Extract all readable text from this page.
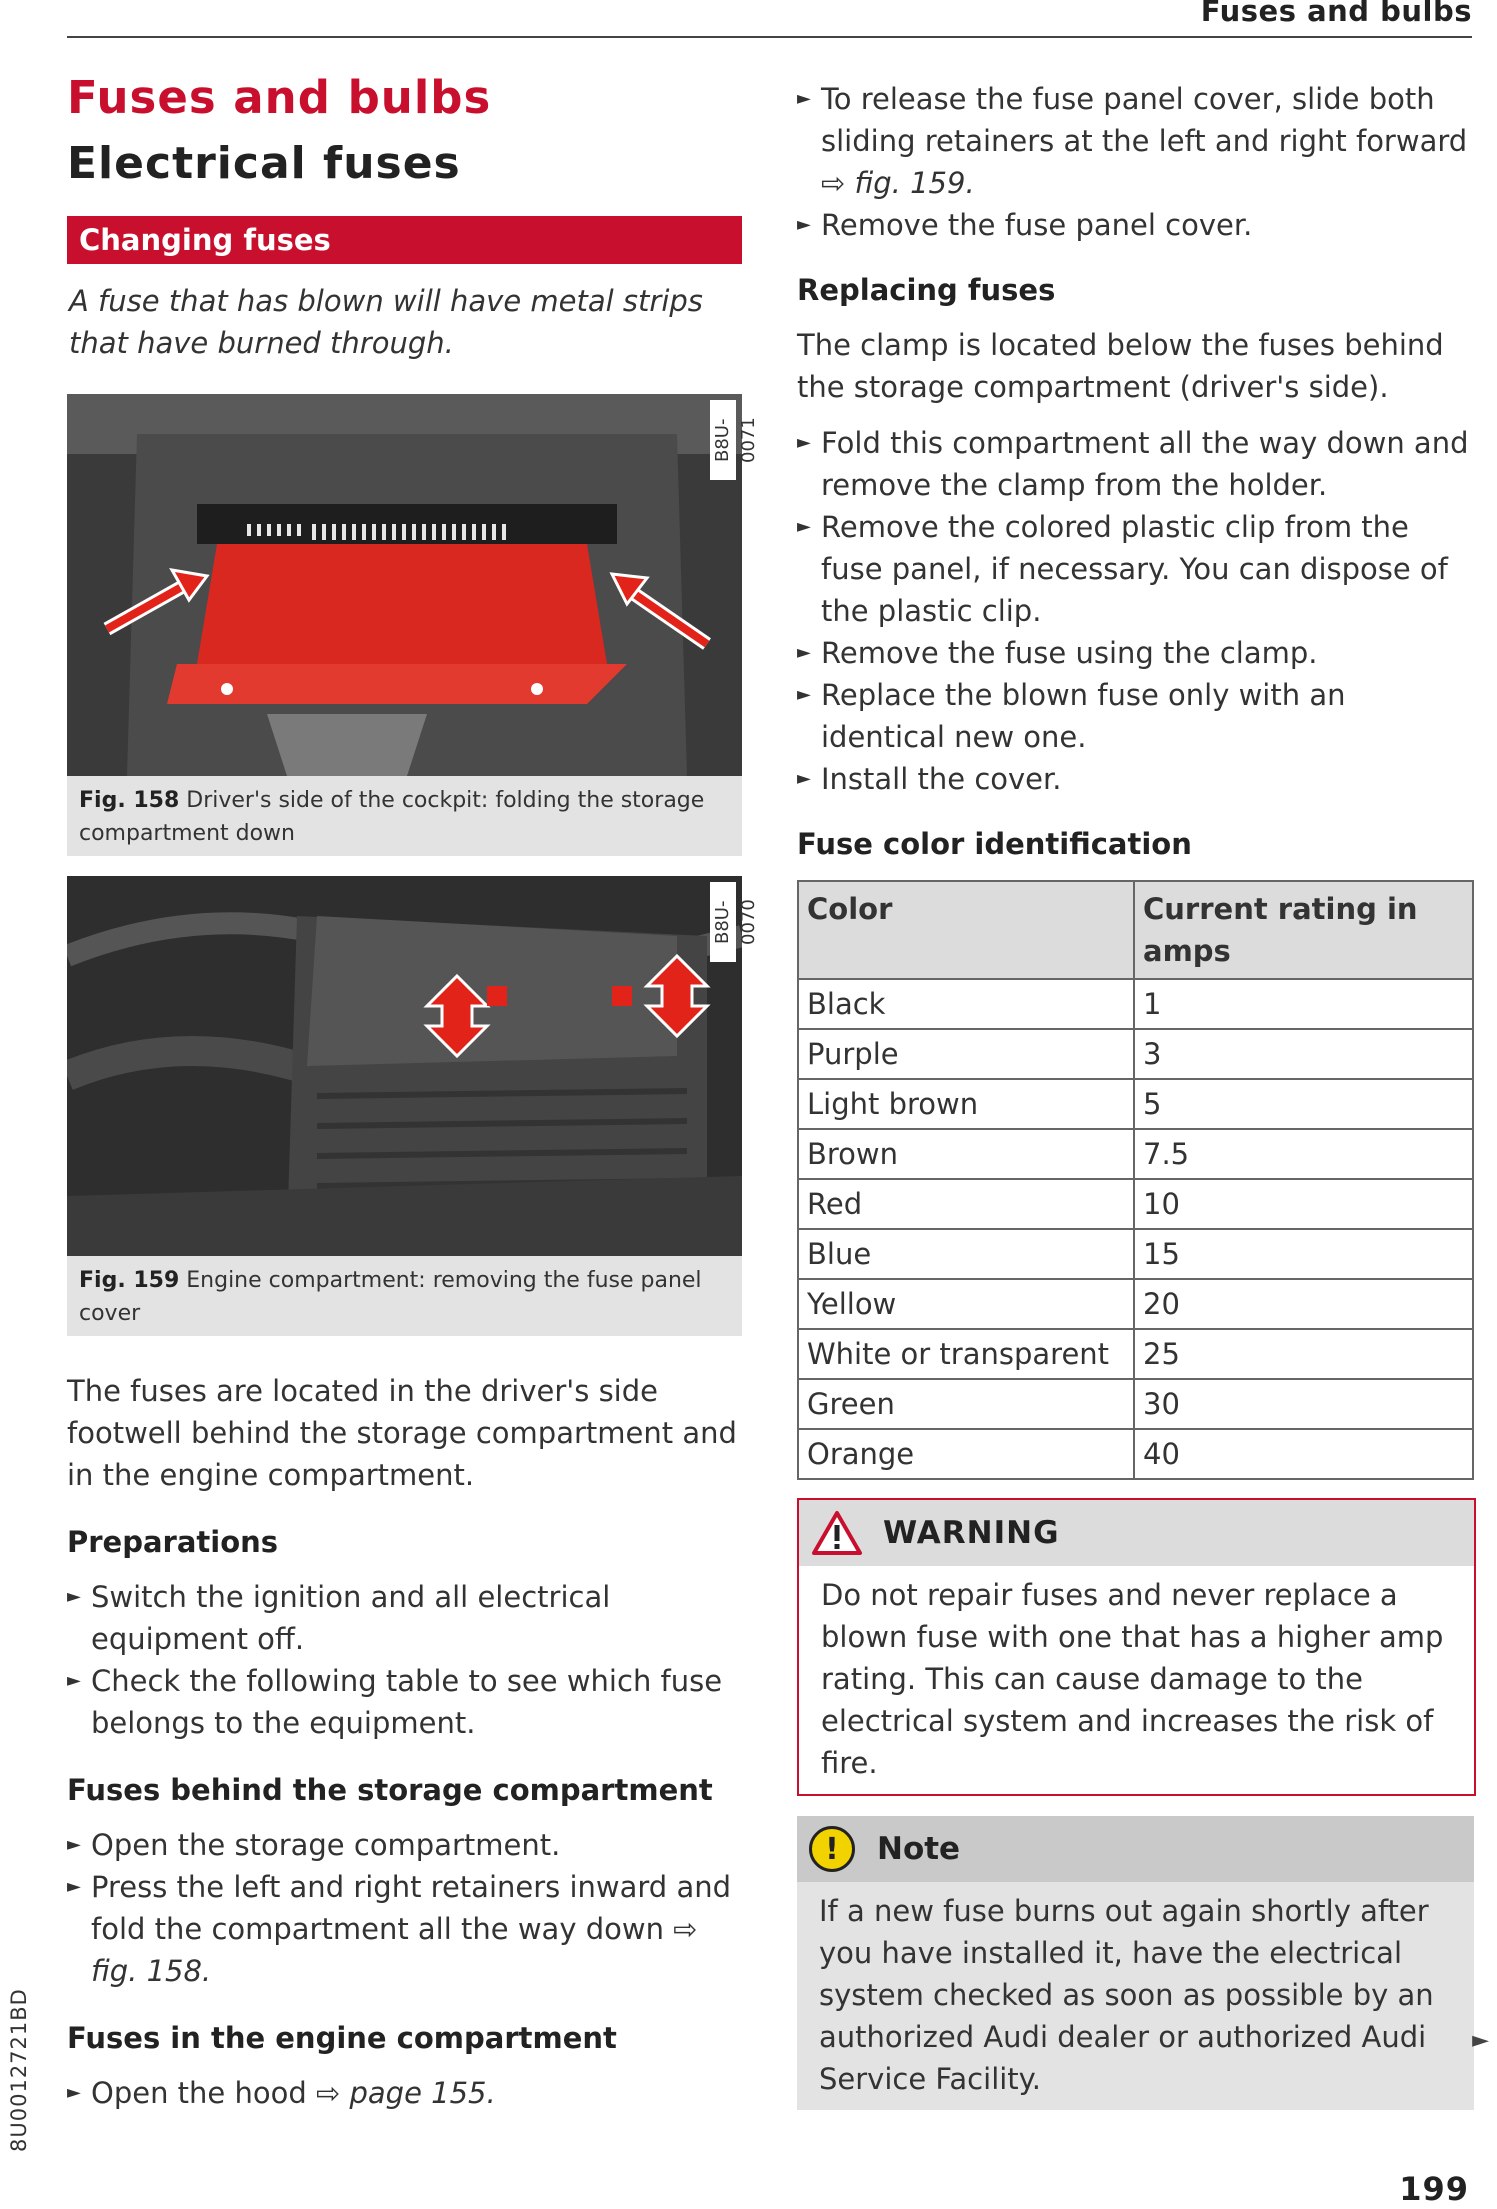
Fuses and bulbs
Fuses and bulbs
Electrical fuses
Changing fuses

A fuse that has blown will have metal strips that have burned through.

B8U-0071
Fig. 158 Driver's side of the cockpit: folding the storage compartment down
B8U-0070
Fig. 159 Engine compartment: removing the fuse panel cover

The fuses are located in the driver's side footwell behind the storage compartment and in the engine compartment.

Preparations
► Switch the ignition and all electrical equipment off.
► Check the following table to see which fuse belongs to the equipment.
Fuses behind the storage compartment
► Open the storage compartment.
► Press the left and right retainers inward and fold the compartment all the way down ⇨ fig. 158.
Fuses in the engine compartment
► Open the hood ⇨ page 155.
► To release the fuse panel cover, slide both sliding retainers at the left and right forward ⇨ fig. 159.
► Remove the fuse panel cover.
Replacing fuses

The clamp is located below the fuses behind the storage compartment (driver's side).

► Fold this compartment all the way down and remove the clamp from the holder.
► Remove the colored plastic clip from the fuse panel, if necessary. You can dispose of the plastic clip.
► Remove the fuse using the clamp.
► Replace the blown fuse only with an identical new one.
► Install the cover.
Fuse color identification
Color	Current rating in amps
Black	1
Purple	3
Light brown	5
Brown	7.5
Red	10
Blue	15
Yellow	20
White or transparent	25
Green	30
Orange	40
WARNING

Do not repair fuses and never replace a blown fuse with one that has a higher amp rating. This can cause damage to the electrical system and increases the risk of fire.

!	Note

If a new fuse burns out again shortly after you have installed it, have the electrical system checked as soon as possible by an authorized Audi dealer or authorized Audi Service Facility.

►
8U0012721BD
199
